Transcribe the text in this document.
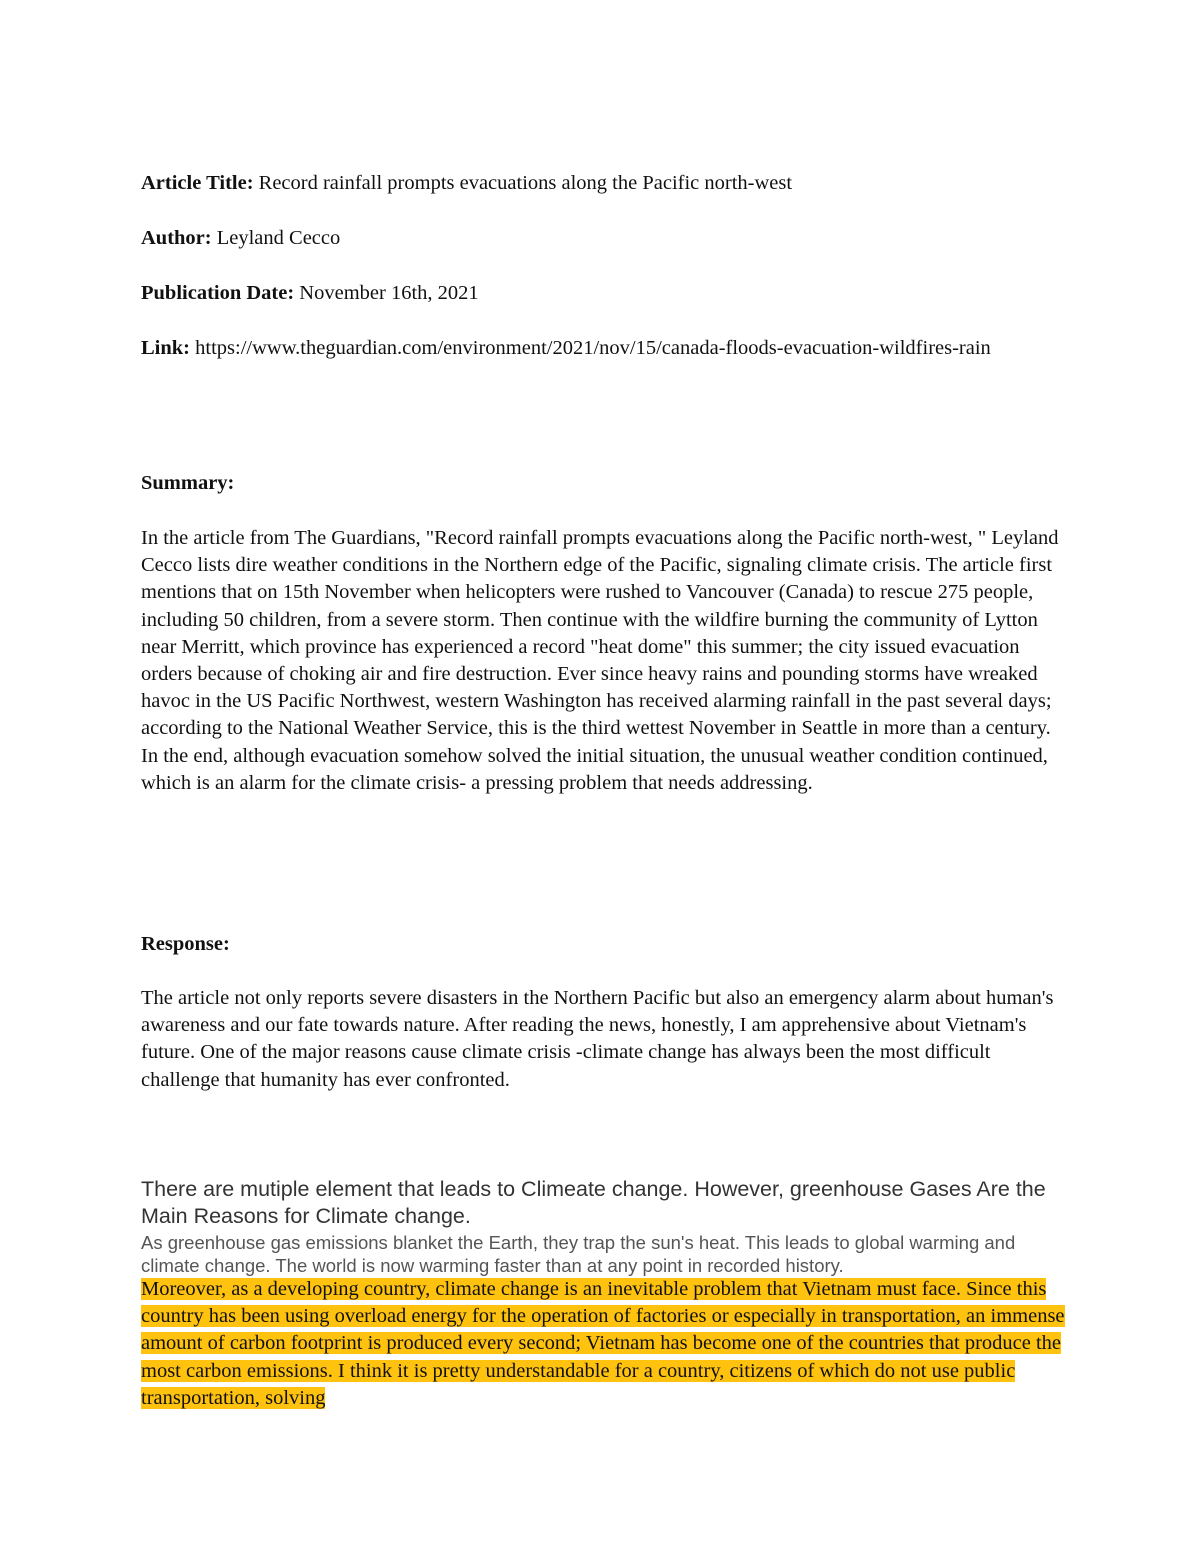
Article Title: Record rainfall prompts evacuations along the Pacific north-west
Author: Leyland Cecco
Publication Date: November 16th, 2021
Link: https://www.theguardian.com/environment/2021/nov/15/canada-floods-evacuation-wildfires-rain
Summary:
In the article from The Guardians, "Record rainfall prompts evacuations along the Pacific north-west, " Leyland Cecco lists dire weather conditions in the Northern edge of the Pacific, signaling climate crisis. The article first mentions that on 15th November when helicopters were rushed to Vancouver (Canada) to rescue 275 people, including 50 children, from a severe storm. Then continue with the wildfire burning the community of Lytton near Merritt, which province has experienced a record "heat dome" this summer; the city issued evacuation orders because of choking air and fire destruction. Ever since heavy rains and pounding storms have wreaked havoc in the US Pacific Northwest, western Washington has received alarming rainfall in the past several days; according to the National Weather Service, this is the third wettest November in Seattle in more than a century. In the end, although evacuation somehow solved the initial situation, the unusual weather condition continued, which is an alarm for the climate crisis- a pressing problem that needs addressing.
Response:
The article not only reports severe disasters in the Northern Pacific but also an emergency alarm about human's awareness and our fate towards nature. After reading the news, honestly, I am apprehensive about Vietnam's future. One of the major reasons cause climate crisis -climate change has always been the most difficult challenge that humanity has ever confronted.
There are mutiple element that leads to Climeate change. However, greenhouse Gases Are the Main Reasons for Climate change.
As greenhouse gas emissions blanket the Earth, they trap the sun's heat. This leads to global warming and climate change. The world is now warming faster than at any point in recorded history.
Moreover, as a developing country, climate change is an inevitable problem that Vietnam must face. Since this country has been using overload energy for the operation of factories or especially in transportation, an immense amount of carbon footprint is produced every second; Vietnam has become one of the countries that produce the most carbon emissions. I think it is pretty understandable for a country, citizens of which do not use public transportation, solving
